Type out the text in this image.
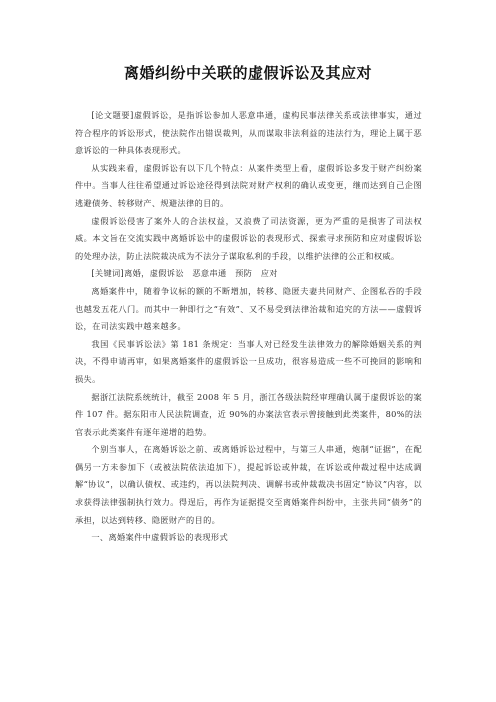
离婚纠纷中关联的虚假诉讼及其应对

[论文题要]虚假诉讼，是指诉讼参加人恶意串通，虚构民事法律关系或法律事实，通过符合程序的诉讼形式，使法院作出错误裁判，从而谋取非法利益的违法行为，理论上属于恶意诉讼的一种具体表现形式。

从实践来看，虚假诉讼有以下几个特点：从案件类型上看，虚假诉讼多发于财产纠纷案件中。当事人往往希望通过诉讼途径得到法院对财产权利的确认或变更，继而达到自己企图逃避债务、转移财产、规避法律的目的。

虚假诉讼侵害了案外人的合法权益，又浪费了司法资源，更为严重的是损害了司法权威。本文旨在交流实践中离婚诉讼中的虚假诉讼的表现形式、探索寻求预防和应对虚假诉讼的处理办法，防止法院裁决成为不法分子谋取私利的手段，以维护法律的公正和权威。

[关键词]离婚，虚假诉讼　恶意串通　预防　应对

离婚案件中，随着争议标的额的不断增加，转移、隐匿夫妻共同财产、企图私吞的手段也越发五花八门。而其中一种即行之“有效”、又不易受到法律治裁和追究的方法——虚假诉讼，在司法实践中越来越多。

我国《民事诉讼法》第 181 条规定：当事人对已经发生法律效力的解除婚姻关系的判决，不得申请再审，如果离婚案件的虚假诉讼一旦成功，很容易造成一些不可挽回的影响和损失。

据浙江法院系统统计，截至 2008 年 5 月，浙江各级法院经审理确认属于虚假诉讼的案件 107 件。据东阳市人民法院调查，近 90%的办案法官表示曾接触到此类案件，80%的法官表示此类案件有逐年递增的趋势。

个别当事人，在离婚诉讼之前、或离婚诉讼过程中，与第三人串通，炮制“证据”，在配偶另一方未参加下（或被法院依法追加下），提起诉讼或仲裁，在诉讼或仲裁过程中达成调解“协议”，以确认债权、或违约，再以法院判决、调解书或仲裁裁决书固定“协议”内容，以求获得法律强制执行效力。得逞后，再作为证据提交至离婚案件纠纷中，主张共同“债务”的承担，以达到转移、隐匿财产的目的。

一、离婚案件中虚假诉讼的表现形式
